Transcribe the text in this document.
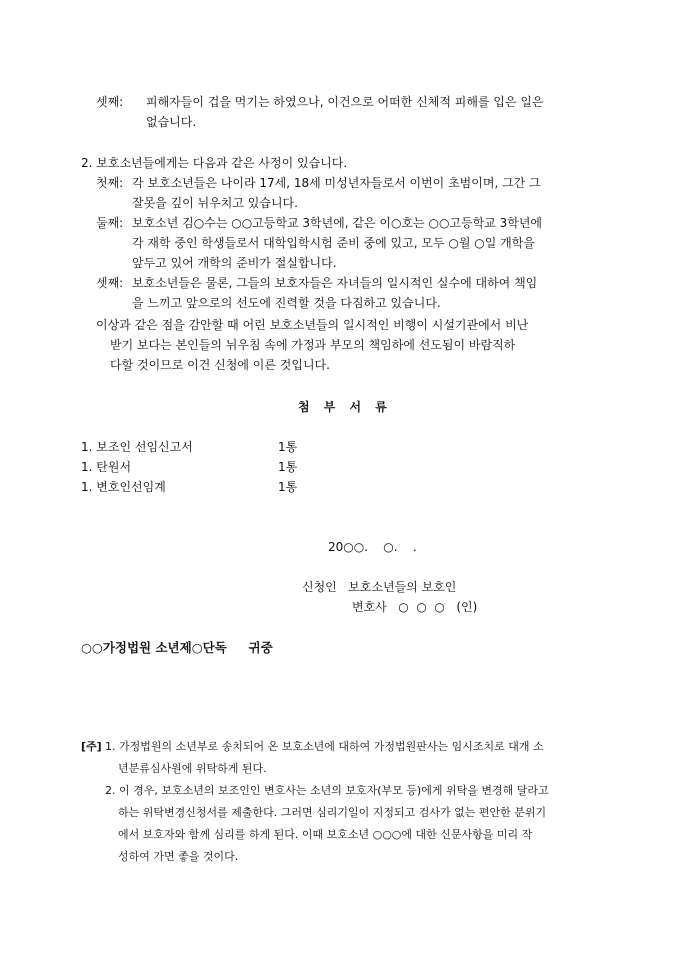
셋째: 피해자들이 겁을 먹기는 하였으나, 이건으로 어떠한 신체적 피해를 입은 일은
없습니다.
2. 보호소년들에게는 다음과 같은 사정이 있습니다.
첫째: 각 보호소년들은 나이라 17세, 18세 미성년자들로서 이번이 초범이며, 그간 그
잘못을 깊이 뉘우치고 있습니다.
둘째: 보호소년 김○수는 ○○고등학교 3학년에, 같은 이○호는 ○○고등학교 3학년에
각 재학 중인 학생들로서 대학입학시험 준비 중에 있고, 모두 ○월 ○일 개학을
앞두고 있어 개학의 준비가 절실합니다.
셋째: 보호소년들은 물론, 그들의 보호자들은 자녀들의 일시적인 실수에 대하여 책임
을 느끼고 앞으로의 선도에 진력할 것을 다짐하고 있습니다.
이상과 같은 점을 감안할 때 어린 보호소년들의 일시적인 비행이 시설기관에서 비난
받기 보다는 본인들의 뉘우침 속에 가정과 부모의 책임하에 선도됨이 바람직하
다할 것이므로 이건 신청에 이른 것입니다.
첨 부 서 류
1. 보조인 선임신고서	1통
1. 탄원서	1통
1. 변호인선임계	1통
20○○.    ○.    .
신청인   보호소년들의 보호인
변호사   ○  ○  ○   (인)
○○가정법원 소년제○단독     귀중
[주] 1. 가정법원의 소년부로 송치되어 온 보호소년에 대하여 가정법원판사는 임시조치로 대개 소
년분류심사원에 위탁하게 된다.
2. 이 경우, 보호소년의 보조인인 변호사는 소년의 보호자(부모 등)에게 위탁을 변경해 달라고
하는 위탁변경신청서를 제출한다. 그러면 심리기일이 지정되고 검사가 없는 편안한 분위기
에서 보호자와 함께 심리를 하게 된다. 이때 보호소년 ○○○에 대한 신문사항을 미리 작
성하여 가면 좋을 것이다.
